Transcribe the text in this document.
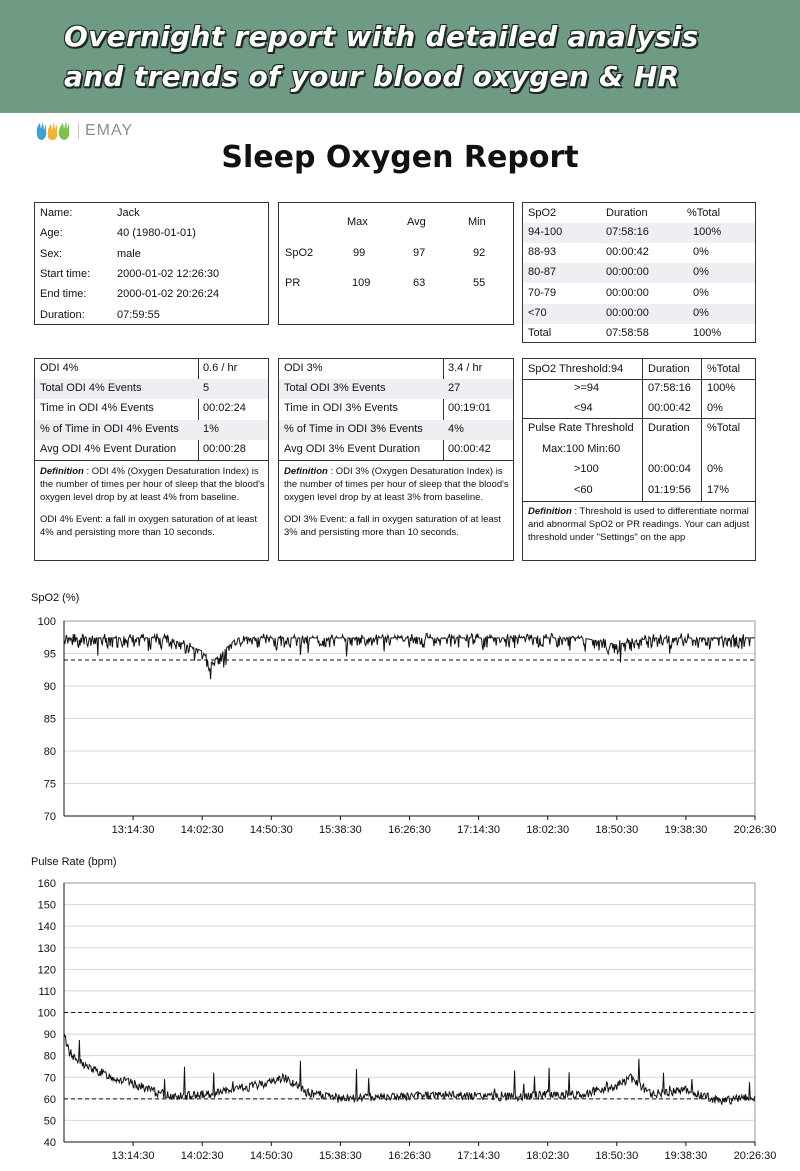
Overnight report with detailed analysis
and trends of your blood oxygen & HR
EMAY
Sleep Oxygen Report
Name:	Jack
Age:	40 (1980-01-01)
Sex:	male
Start time: 2000-01-02 12:26:30
End time:	2000-01-02 20:26:24
Duration:	07:59:55
Max	Avg	Min
SpO2	99	97	92
PR	109	63	55
SpO2	Duration	%Total
94-100	07:58:16	100%
88-93	00:00:42	0%
80-87	00:00:00	0%
70-79	00:00:00	0%
<70	00:00:00	0%
Total	07:58:58	100%
Definition : ODI 4% (Oxygen Desaturation Index) is the number of times per hour of sleep that the blood's oxygen level drop by at least 4% from baseline.
ODI 4% Event: a fall in oxygen saturation of at least 4% and persisting more than 10 seconds.
ODI 4%	0.6 / hr
Total ODI 4% Events	5
Time in ODI 4% Events	00:02:24
% of Time in ODI 4% Events 1%
Avg ODI 4% Event Duration 00:00:28
Definition : ODI 3% (Oxygen Desaturation Index) is the number of times per hour of sleep that the blood's oxygen level drop by at least 3% from baseline.
ODI 3% Event: a fall in oxygen saturation of at least 3% and persisting more than 10 seconds.
ODI 3%	3.4 / hr
Total ODI 3% Events	27
Time in ODI 3% Events	00:19:01
% of Time in ODI 3% Events 4%
Avg ODI 3% Event Duration	00:00:42
SpO2 Threshold:94 Duration %Total
>=94	07:58:16 100%
<94	00:00:42 0%
Pulse Rate Threshold Duration %Total
Max:100 Min:60
>100	00:00:04 0%
<60	01:19:56 17%
Definition : Threshold is used to differentiate normal and abnormal SpO2 or PR readings. Your can adjust threshold under "Settings" on the app
SpO2 (%)
100
95
90
85
80
75
70
13:14:30 14:02:30 14:50:30 15:38:30 16:26:30 17:14:30 18:02:30 18:50:30 19:38:30 20:26:30
Pulse Rate (bpm)
160
150
140
130
120
110
100
90
80
70
60
50
40
13:14:30 14:02:30 14:50:30 15:38:30 16:26:30 17:14:30 18:02:30 18:50:30 19:38:30 20:26:30
